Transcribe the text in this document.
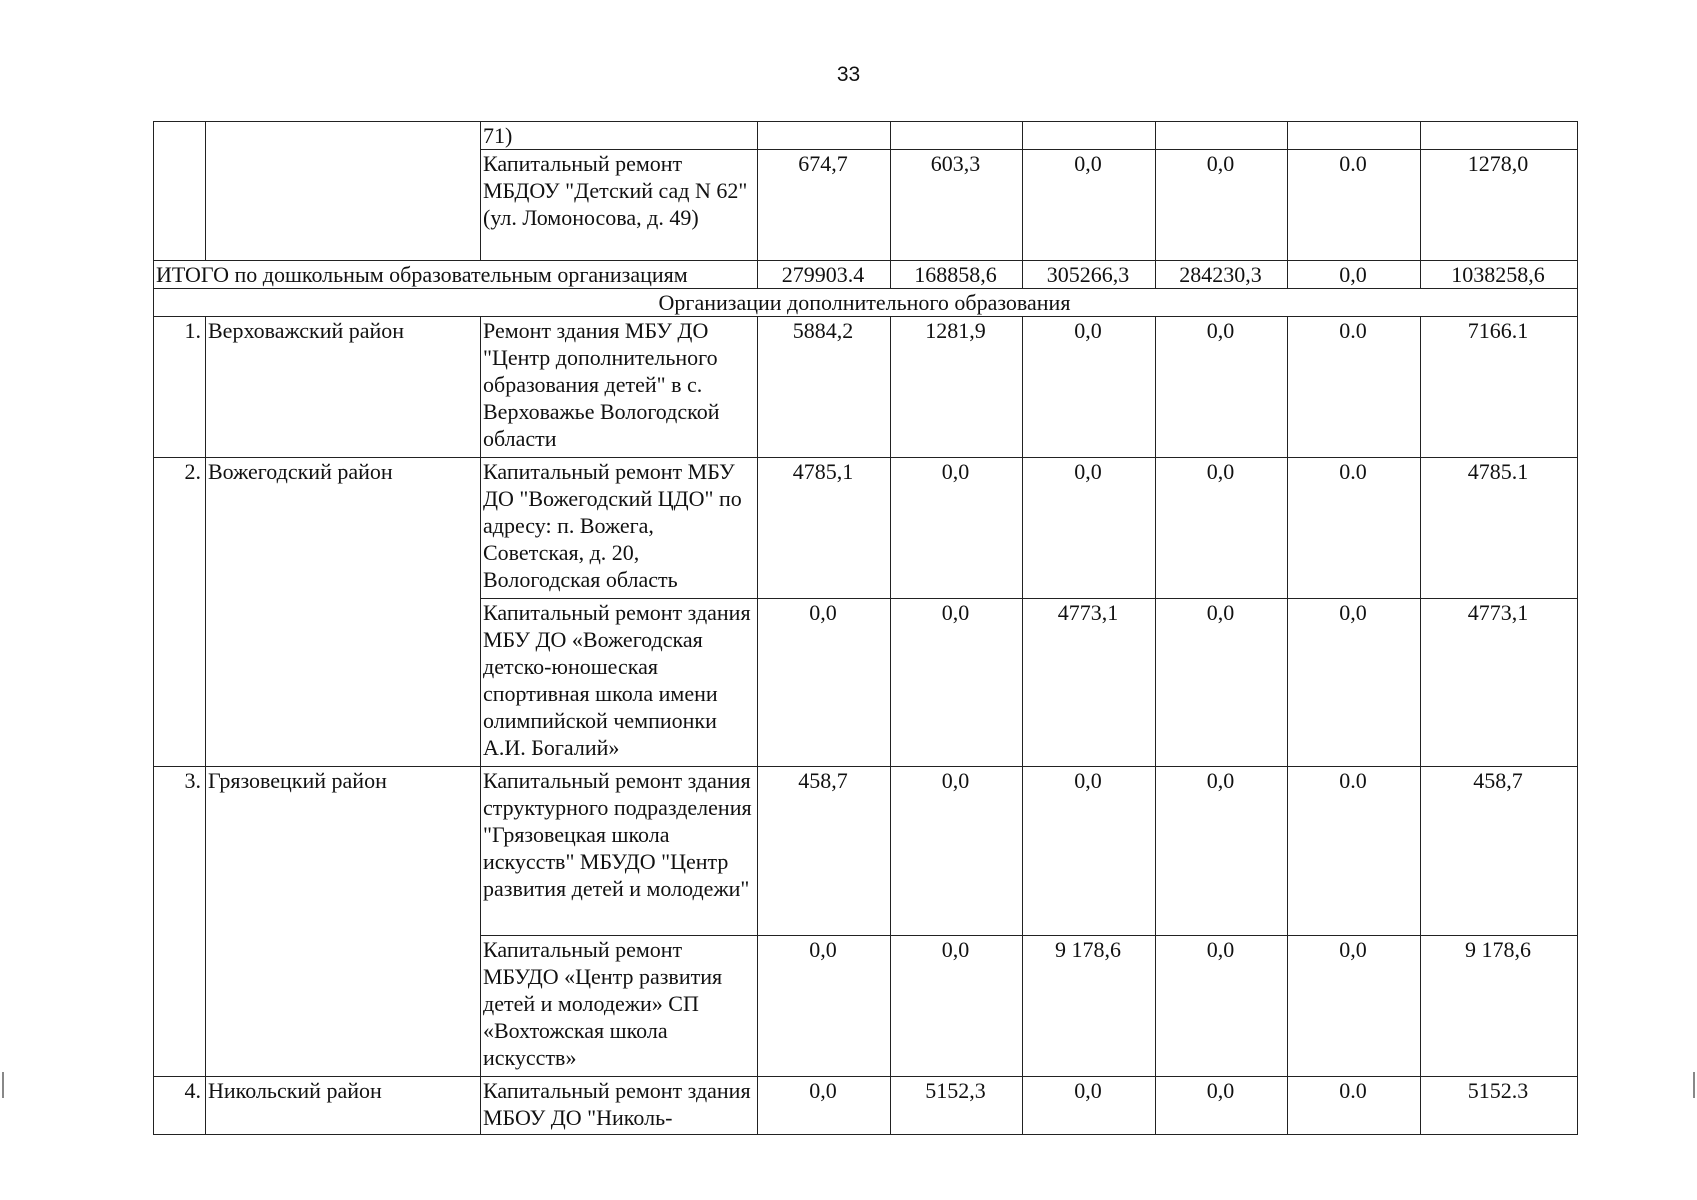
33
		71)						
		Капитальный ремонт МБДОУ "Детский сад N 62" (ул. Ломоносова, д. 49)	674,7	603,3	0,0	0,0	0.0	1278,0
ИТОГО по дошкольным образовательным организациям			279903.4	168858,6	305266,3	284230,3	0,0	1038258,6
Организации дополнительного образования								
1.	Верховажский район	Ремонт здания МБУ ДО "Центр дополнительного образования детей" в с. Верховажье Вологодской области	5884,2	1281,9	0,0	0,0	0.0	7166.1
2.	Вожегодский район	Капитальный ремонт МБУ ДО "Вожегодский ЦДО" по адресу: п. Вожега, Советская, д. 20, Вологодская область	4785,1	0,0	0,0	0,0	0.0	4785.1
		Капитальный ремонт здания МБУ ДО «Вожегодская детско-юношеская спортивная школа имени олимпийской чемпионки А.И. Богалий»	0,0	0,0	4773,1	0,0	0,0	4773,1
3.	Грязовецкий район	Капитальный ремонт здания структурного подразделения "Грязовецкая школа искусств" МБУДО "Центр развития детей и молодежи"	458,7	0,0	0,0	0,0	0.0	458,7
		Капитальный ремонт МБУДО «Центр развития детей и молодежи» СП «Вохтожская школа искусств»	0,0	0,0	9 178,6	0,0	0,0	9 178,6
4.	Никольский район	Капитальный ремонт здания МБОУ ДО "Николь-	0,0	5152,3	0,0	0,0	0.0	5152.3
